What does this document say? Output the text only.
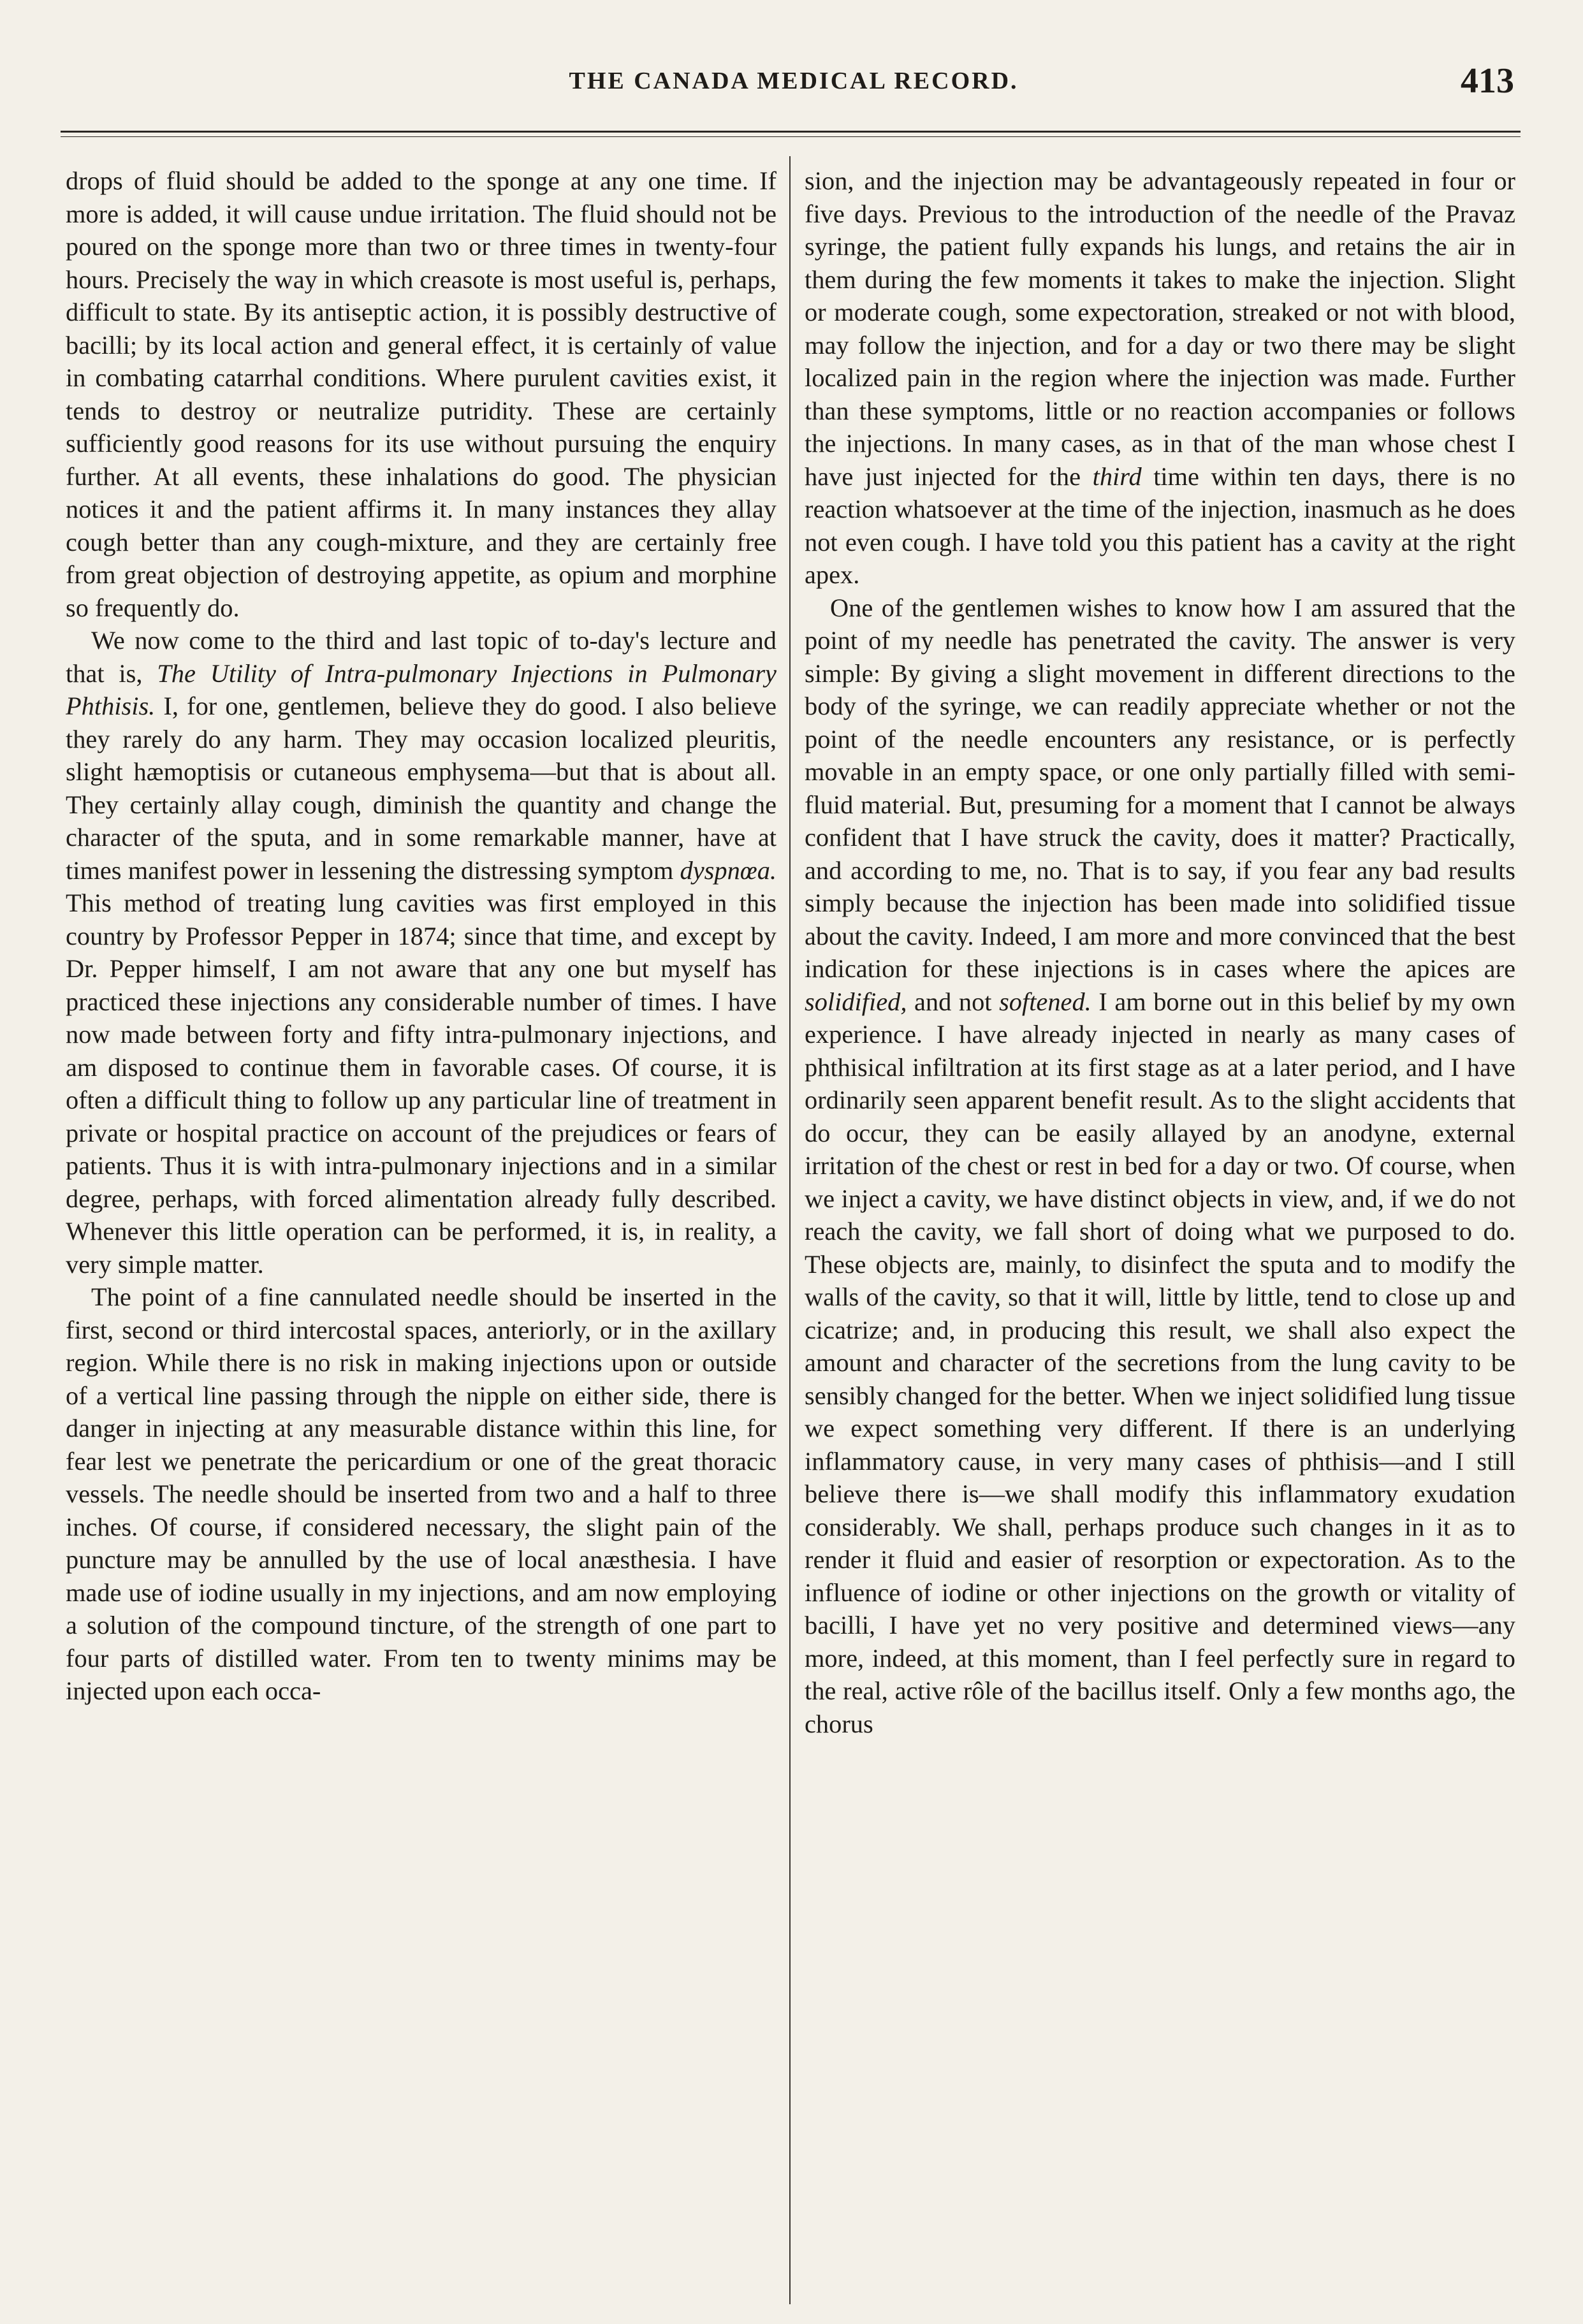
THE CANADA MEDICAL RECORD.	413

drops of fluid should be added to the sponge at any one time. If more is added, it will cause undue irritation. The fluid should not be poured on the sponge more than two or three times in twenty-four hours. Precisely the way in which creasote is most useful is, perhaps, difficult to state. By its antiseptic action, it is possibly destructive of bacilli; by its local action and general effect, it is certainly of value in combating catarrhal conditions. Where purulent cavities exist, it tends to destroy or neutralize putridity. These are certainly sufficiently good reasons for its use without pursuing the enquiry further. At all events, these inhalations do good. The physician notices it and the patient affirms it. In many instances they allay cough better than any cough-mixture, and they are certainly free from great objection of destroying appetite, as opium and morphine so frequently do.

We now come to the third and last topic of to-day's lecture and that is, The Utility of Intra-pulmonary Injections in Pulmonary Phthisis. I, for one, gentlemen, believe they do good. I also believe they rarely do any harm. They may occasion localized pleuritis, slight hæmoptisis or cutaneous emphysema—but that is about all. They certainly allay cough, diminish the quantity and change the character of the sputa, and in some remarkable manner, have at times manifest power in lessening the distressing symptom dyspnœa. This method of treating lung cavities was first employed in this country by Professor Pepper in 1874; since that time, and except by Dr. Pepper himself, I am not aware that any one but myself has practiced these injections any considerable number of times. I have now made between forty and fifty intra-pulmonary injections, and am disposed to continue them in favorable cases. Of course, it is often a difficult thing to follow up any particular line of treatment in private or hospital practice on account of the prejudices or fears of patients. Thus it is with intra-pulmonary injections and in a similar degree, perhaps, with forced alimentation already fully described. Whenever this little operation can be performed, it is, in reality, a very simple matter.

The point of a fine cannulated needle should be inserted in the first, second or third intercostal spaces, anteriorly, or in the axillary region. While there is no risk in making injections upon or outside of a vertical line passing through the nipple on either side, there is danger in injecting at any measurable distance within this line, for fear lest we penetrate the pericardium or one of the great thoracic vessels. The needle should be inserted from two and a half to three inches. Of course, if considered necessary, the slight pain of the puncture may be annulled by the use of local anæsthesia. I have made use of iodine usually in my injections, and am now employing a solution of the compound tincture, of the strength of one part to four parts of distilled water. From ten to twenty minims may be injected upon each occa-

sion, and the injection may be advantageously repeated in four or five days. Previous to the introduction of the needle of the Pravaz syringe, the patient fully expands his lungs, and retains the air in them during the few moments it takes to make the injection. Slight or moderate cough, some expectoration, streaked or not with blood, may follow the injection, and for a day or two there may be slight localized pain in the region where the injection was made. Further than these symptoms, little or no reaction accompanies or follows the injections. In many cases, as in that of the man whose chest I have just injected for the third time within ten days, there is no reaction whatsoever at the time of the injection, inasmuch as he does not even cough. I have told you this patient has a cavity at the right apex.

One of the gentlemen wishes to know how I am assured that the point of my needle has penetrated the cavity. The answer is very simple: By giving a slight movement in different directions to the body of the syringe, we can readily appreciate whether or not the point of the needle encounters any resistance, or is perfectly movable in an empty space, or one only partially filled with semi-fluid material. But, presuming for a moment that I cannot be always confident that I have struck the cavity, does it matter? Practically, and according to me, no. That is to say, if you fear any bad results simply because the injection has been made into solidified tissue about the cavity. Indeed, I am more and more convinced that the best indication for these injections is in cases where the apices are solidified, and not softened. I am borne out in this belief by my own experience. I have already injected in nearly as many cases of phthisical infiltration at its first stage as at a later period, and I have ordinarily seen apparent benefit result. As to the slight accidents that do occur, they can be easily allayed by an anodyne, external irritation of the chest or rest in bed for a day or two. Of course, when we inject a cavity, we have distinct objects in view, and, if we do not reach the cavity, we fall short of doing what we purposed to do. These objects are, mainly, to disinfect the sputa and to modify the walls of the cavity, so that it will, little by little, tend to close up and cicatrize; and, in producing this result, we shall also expect the amount and character of the secretions from the lung cavity to be sensibly changed for the better. When we inject solidified lung tissue we expect something very different. If there is an underlying inflammatory cause, in very many cases of phthisis—and I still believe there is—we shall modify this inflammatory exudation considerably. We shall, perhaps produce such changes in it as to render it fluid and easier of resorption or expectoration. As to the influence of iodine or other injections on the growth or vitality of bacilli, I have yet no very positive and determined views—any more, indeed, at this moment, than I feel perfectly sure in regard to the real, active rôle of the bacillus itself. Only a few months ago, the chorus
